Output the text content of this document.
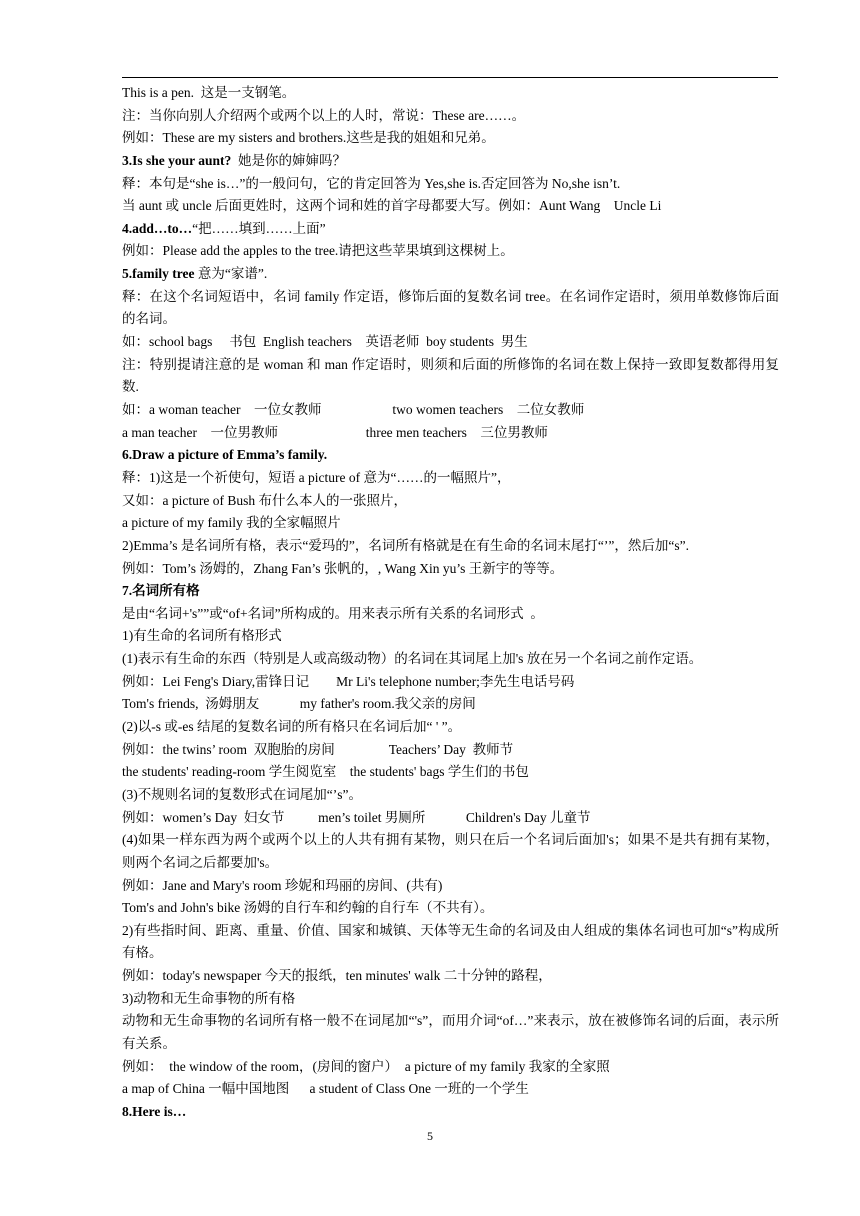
This is a pen.  这是一支钢笔。
注：当你向别人介绍两个或两个以上的人时，常说：These are……。
例如：These are my sisters and brothers.这些是我的姐姐和兄弟。
3.Is she your aunt?  她是你的婶婶吗？
释：本句是“she is…”的一般问句，它的肯定回答为 Yes,she is.否定回答为 No,she isn’t.
当 aunt 或 uncle 后面更姓时，这两个词和姓的首字母都要大写。例如：Aunt Wang    Uncle Li
4.add…to…“把……填到……上面”
例如：Please add the apples to the tree.请把这些苹果填到这棵树上。
5.family tree 意为“家谱”.
释：在这个名词短语中，名词 family 作定语，修饰后面的复数名词 tree。在名词作定语时，须用单数修饰后面的名词。
如：school bags     书包  English teachers    英语老师  boy students  男生
注：特别提请注意的是 woman 和 man 作定语时，则须和后面的所修饰的名词在数上保持一致即复数都得用复数.
如：a woman teacher    一位女教师                     two women teachers    二位女教师
a man teacher    一位男教师                          three men teachers    三位男教师
6.Draw a picture of Emma’s family.
释：1)这是一个祈使句，短语 a picture of 意为“……的一幅照片”，
又如：a picture of Bush 布什么本人的一张照片，
a picture of my family 我的全家幅照片
2)Emma’s 是名词所有格，表示“爱玛的”，名词所有格就是在有生命的名词末尾打“’”，然后加“s”.
例如：Tom’s 汤姆的，Zhang Fan’s 张帆的，, Wang Xin yu’s 王新宇的等等。
7.名词所有格
是由“名词+'s””或“of+名词”所构成的。用来表示所有关系的名词形式  。
1)有生命的名词所有格形式
(1)表示有生命的东西（特别是人或高级动物）的名词在其词尾上加's 放在另一个名词之前作定语。
例如：Lei Feng's Diary,雷锋日记        Mr Li's telephone number;李先生电话号码
Tom's friends,  汤姆朋友            my father's room.我父亲的房间
(2)以-s 或-es 结尾的复数名词的所有格只在名词后加“ ' ”。
例如：the twins’ room  双胞胎的房间                Teachers’ Day  教师节
the students' reading-room 学生阅览室    the students' bags 学生们的书包
(3)不规则名词的复数形式在词尾加“’s”。
例如：women’s Day  妇女节          men’s toilet 男厕所            Children's Day 儿童节
(4)如果一样东西为两个或两个以上的人共有拥有某物，则只在后一个名词后面加's；如果不是共有拥有某物，则两个名词之后都要加's。
例如：Jane and Mary's room 珍妮和玛丽的房间、(共有)
Tom's and John's bike 汤姆的自行车和约翰的自行车（不共有）。
2)有些指时间、距离、重量、价值、国家和城镇、天体等无生命的名词及由人组成的集体名词也可加“s”构成所有格。
例如：today's newspaper 今天的报纸，ten minutes' walk 二十分钟的路程，
3)动物和无生命事物的所有格
动物和无生命事物的名词所有格一般不在词尾加“'s”，而用介词“of…”来表示，放在被修饰名词的后面，表示所有关系。
例如：  the window of the room，(房间的窗户）  a picture of my family 我家的全家照
a map of China 一幅中国地图      a student of Class One 一班的一个学生
8.Here is…
5
